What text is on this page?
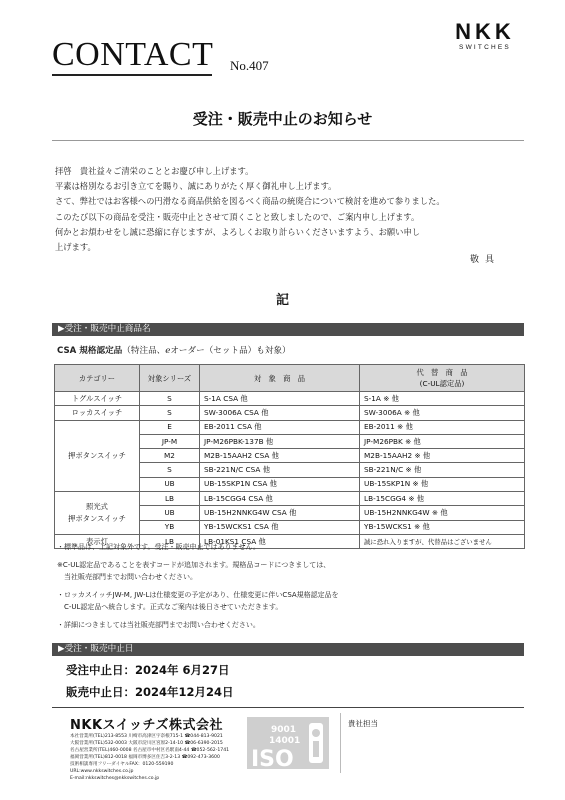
CONTACT No.407
NKK
SWITCHES
受注・販売中止のお知らせ

拝啓　貴社益々ご清栄のこととお慶び申し上げます。

平素は格別なるお引き立てを賜り、誠にありがたく厚く御礼申し上げます。

さて、弊社ではお客様への円滑なる商品供給を図るべく商品の統廃合について検討を進めて参りました。

このたび以下の商品を受注・販売中止とさせて頂くことと致しましたので、ご案内申し上げます。

何かとお煩わせをし誠に恐縮に存じますが、よろしくお取り計らいくださいますよう、お願い申し

上げます。

敬具
記
▶受注・販売中止商品名
CSA 規格認定品（特注品、ℯオーダー（セット品）も対象）
カテゴリー	対象シリーズ	対　象　商　品	代　替　商　品
(C-UL認定品)
トグルスイッチ	S	S-1A CSA 他	S-1A ※ 他
ロッカスイッチ	S	SW-3006A CSA 他	SW-3006A ※ 他
押ボタンスイッチ	E	EB-2011 CSA 他	EB-2011 ※ 他
	JP-M	JP-M26PBK-137B 他	JP-M26PBK ※ 他
	M2	M2B-15AAH2 CSA 他	M2B-15AAH2 ※ 他
	S	SB-221N/C CSA 他	SB-221N/C ※ 他
	UB	UB-15SKP1N CSA 他	UB-15SKP1N ※ 他
照光式
押ボタンスイッチ	LB	LB-15CGG4 CSA 他	LB-15CGG4 ※ 他
	UB	UB-15H2NNKG4W CSA 他	UB-15H2NNKG4W ※ 他
	YB	YB-15WCKS1 CSA 他	YB-15WCKS1 ※ 他
表示灯	LB	LB-01KS1 CSA 他	誠に恐れ入りますが、代替品はございません

・標準品は、上記対象外です。受注・販売中止ではありません。

※C-UL認定品であることを表すコードが追加されます。規格品コードにつきましては、

　当社販売部門までお問い合わせください。

・ロッカスイッチJW-M, JW-Lは仕様変更の予定があり、仕様変更に伴いCSA規格認定品を

　C-UL認定品へ統合します。正式なご案内は後日させていただきます。

・詳細につきましては当社販売部門までお問い合わせください。

▶受注・販売中止日
受注中止日：2024年 6月27日
販売中止日：2024年12月24日
NKKスイッチズ株式会社

本社営業所(TEL)213-8553 川崎市高津区宇奈根715-1 ☎044-813-9021

大阪営業所(TEL)532-0003 大阪市淀川区宮原2-14-10 ☎06-6390-2015

名古屋営業所(TEL)460-0008 名古屋市中村区名駅南4-44 ☎052-562-1741

福岡営業所(TEL)812-0018 福岡市博多区住吉3-2-13 ☎092-473-3600

技術相談専用フリーダイヤルFAX：0120-559190

URL:www.nkkswitches.co.jp

E-mail:nkkswitches@nkkswitches.co.jp

9001
14001
ISO
貴社担当
